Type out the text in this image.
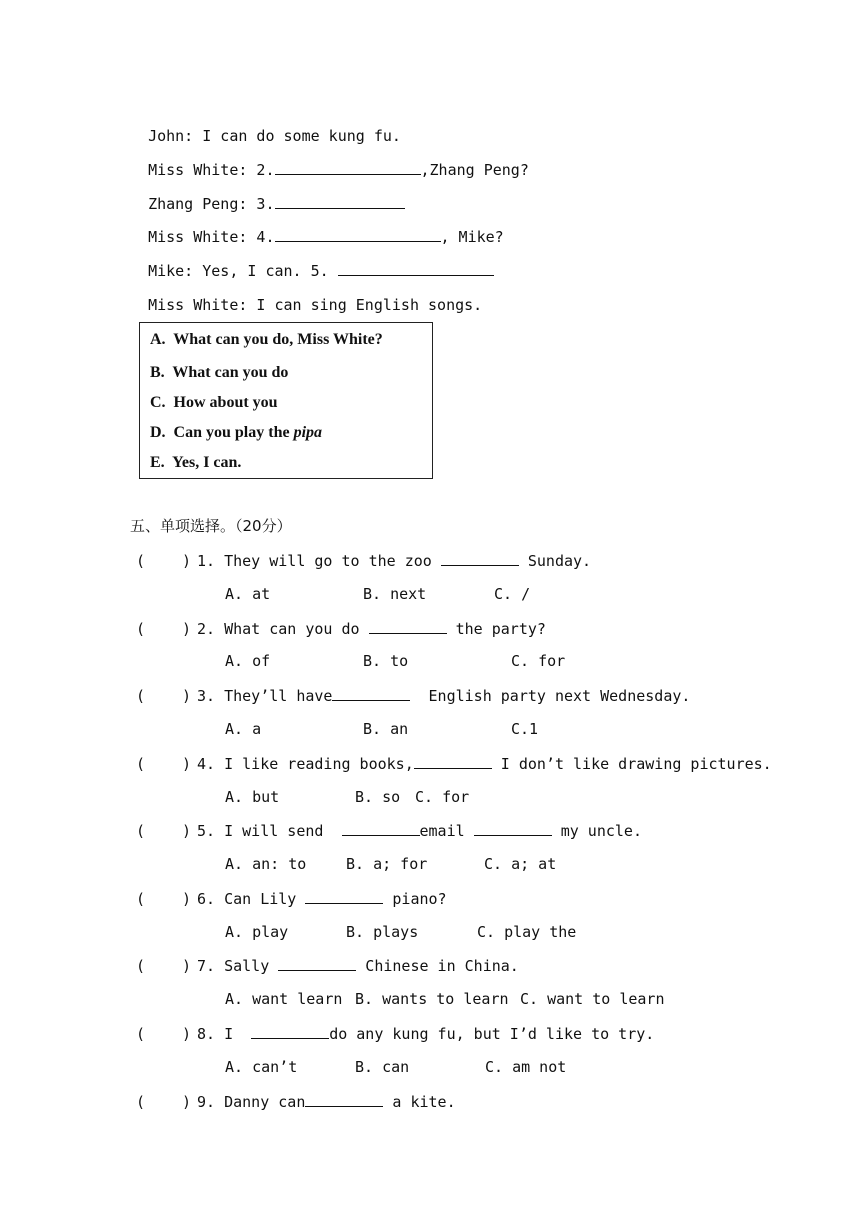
John: I can do some kung fu.

Miss White: 2.	,Zhang Peng?

Zhang Peng: 3.

Miss White: 4.	, Mike?

Mike: Yes, I can. 5.

Miss White: I can sing English songs.

A.  What can you do, Miss White?
B.  What can you do
C.  How about you
D.  Can you play the pipa
E.  Yes, I can.
五、单项选择。（20分）
( ) 1. They will go to the zoo	Sunday.
A. at	B. next	C. /
( ) 2. What can you do	the party?
A. of	B. to	C. for
( ) 3. They’ll have	English party next Wednesday.
A. a	B. an	C.1
( ) 4. I like reading books,	I don’t like drawing pictures.
A. but	B. so C. for
( ) 5. I will send	email	my uncle.
A. an: to	B. a; for	C. a; at
( ) 6. Can Lily	piano?
A. play	B. plays	C. play the
( ) 7. Sally	Chinese in China.
A. want learn B. wants to learn C. want to learn
( ) 8. I	do any kung fu, but I’d like to try.
A. can’t	B. can	C. am not
( ) 9. Danny can	a kite.
